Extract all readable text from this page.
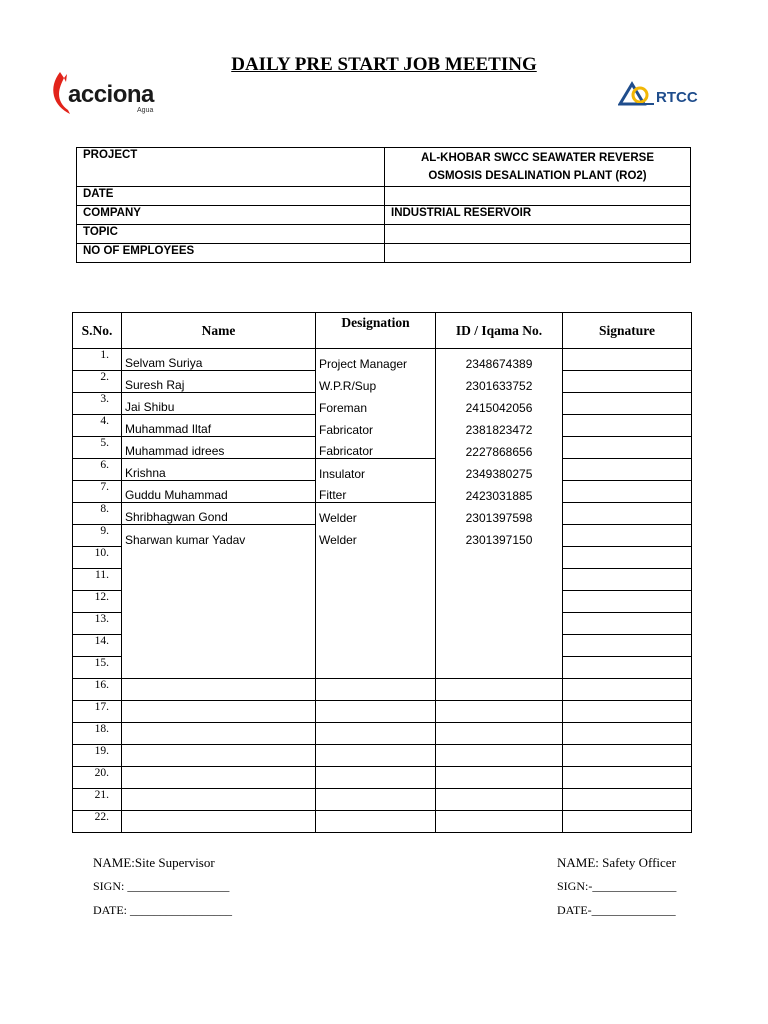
DAILY PRE START JOB MEETING
acciona
Agua
RTCC
PROJECT	AL-KHOBAR SWCC SEAWATER REVERSE
OSMOSIS DESALINATION PLANT (RO2)
DATE	
COMPANY	INDUSTRIAL RESERVOIR
TOPIC	
NO OF EMPLOYEES	
S.No.	Name	Designation	ID / Iqama No.	Signature
1.	Selvam Suriya	Project Manager	2348674389	
2.	Suresh Raj	W.P.R/Sup	2301633752	
3.	Jai Shibu	Foreman	2415042056	
4.	Muhammad Iltaf	Fabricator	2381823472	
5.	Muhammad idrees	Fabricator	2227868656	
6.	Krishna	Insulator	2349380275	
7.	Guddu Muhammad	Fitter	2423031885	
8.	Shribhagwan Gond	Welder	2301397598	
9.	Sharwan kumar Yadav	Welder	2301397150	
10.				
11.				
12.				
13.				
14.				
15.				
16.				
17.				
18.				
19.				
20.				
21.				
22.				
NAME:Site Supervisor
SIGN: _________________
DATE: _________________
NAME: Safety Officer
SIGN:-______________
DATE-______________
